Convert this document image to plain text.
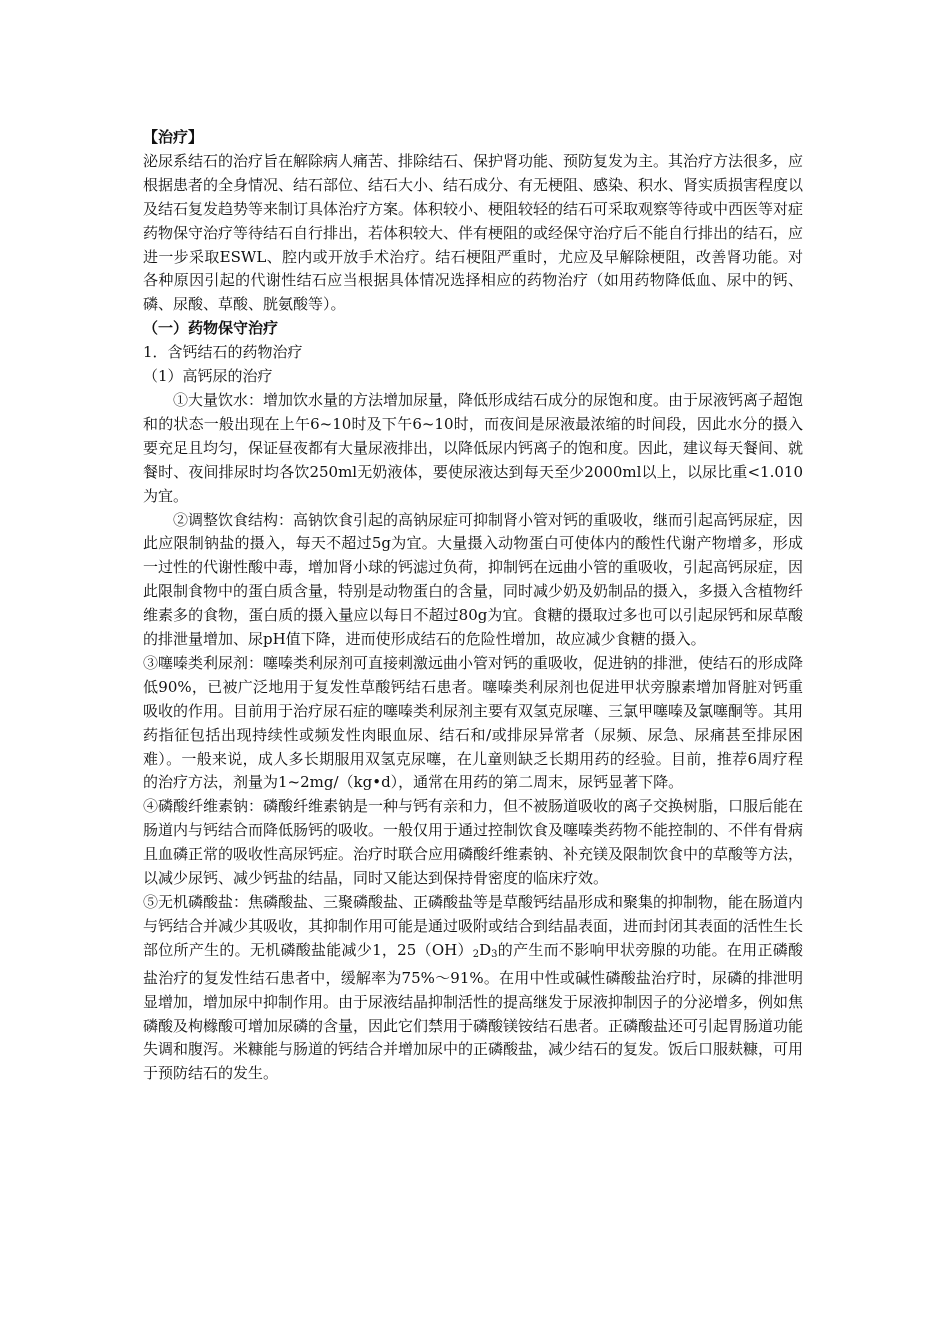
【治疗】

泌尿系结石的治疗旨在解除病人痛苦、排除结石、保护肾功能、预防复发为主。其治疗方法很多，应根据患者的全身情况、结石部位、结石大小、结石成分、有无梗阻、感染、积水、肾实质损害程度以及结石复发趋势等来制订具体治疗方案。体积较小、梗阻较轻的结石可采取观察等待或中西医等对症药物保守治疗等待结石自行排出，若体积较大、伴有梗阻的或经保守治疗后不能自行排出的结石，应进一步采取ESWL、腔内或开放手术治疗。结石梗阻严重时，尤应及早解除梗阻，改善肾功能。对各种原因引起的代谢性结石应当根据具体情况选择相应的药物治疗（如用药物降低血、尿中的钙、磷、尿酸、草酸、胱氨酸等）。

（一）药物保守治疗

1．含钙结石的药物治疗

（1）高钙尿的治疗

①大量饮水：增加饮水量的方法增加尿量，降低形成结石成分的尿饱和度。由于尿液钙离子超饱和的状态一般出现在上午6~10时及下午6~10时，而夜间是尿液最浓缩的时间段，因此水分的摄入要充足且均匀，保证昼夜都有大量尿液排出，以降低尿内钙离子的饱和度。因此，建议每天餐间、就餐时、夜间排尿时均各饮250ml无奶液体，要使尿液达到每天至少2000ml以上，以尿比重<1.010为宜。

②调整饮食结构：高钠饮食引起的高钠尿症可抑制肾小管对钙的重吸收，继而引起高钙尿症，因此应限制钠盐的摄入，每天不超过5g为宜。大量摄入动物蛋白可使体内的酸性代谢产物增多，形成一过性的代谢性酸中毒，增加肾小球的钙滤过负荷，抑制钙在远曲小管的重吸收，引起高钙尿症，因此限制食物中的蛋白质含量，特别是动物蛋白的含量，同时减少奶及奶制品的摄入，多摄入含植物纤维素多的食物，蛋白质的摄入量应以每日不超过80g为宜。食糖的摄取过多也可以引起尿钙和尿草酸的排泄量增加、尿pH值下降，进而使形成结石的危险性增加，故应减少食糖的摄入。

③噻嗪类利尿剂：噻嗪类利尿剂可直接刺激远曲小管对钙的重吸收，促进钠的排泄，使结石的形成降低90%，已被广泛地用于复发性草酸钙结石患者。噻嗪类利尿剂也促进甲状旁腺素增加肾脏对钙重吸收的作用。目前用于治疗尿石症的噻嗪类利尿剂主要有双氢克尿噻、三氯甲噻嗪及氯噻酮等。其用药指征包括出现持续性或频发性肉眼血尿、结石和/或排尿异常者（尿频、尿急、尿痛甚至排尿困难）。一般来说，成人多长期服用双氢克尿噻，在儿童则缺乏长期用药的经验。目前，推荐6周疗程的治疗方法，剂量为1~2mg/（kg•d），通常在用药的第二周末，尿钙显著下降。

④磷酸纤维素钠：磷酸纤维素钠是一种与钙有亲和力，但不被肠道吸收的离子交换树脂，口服后能在肠道内与钙结合而降低肠钙的吸收。一般仅用于通过控制饮食及噻嗪类药物不能控制的、不伴有骨病且血磷正常的吸收性高尿钙症。治疗时联合应用磷酸纤维素钠、补充镁及限制饮食中的草酸等方法，以减少尿钙、减少钙盐的结晶，同时又能达到保持骨密度的临床疗效。

⑤无机磷酸盐：焦磷酸盐、三聚磷酸盐、正磷酸盐等是草酸钙结晶形成和聚集的抑制物，能在肠道内与钙结合并减少其吸收，其抑制作用可能是通过吸附或结合到结晶表面，进而封闭其表面的活性生长部位所产生的。无机磷酸盐能减少1，$25(OH)_2D_3$的产生而不影响甲状旁腺的功能。在用正磷酸盐治疗的复发性结石患者中，缓解率为75%～91%。在用中性或碱性磷酸盐治疗时，尿磷的排泄明显增加，增加尿中抑制作用。由于尿液结晶抑制活性的提高继发于尿液抑制因子的分泌增多，例如焦磷酸及枸橼酸可增加尿磷的含量，因此它们禁用于磷酸镁铵结石患者。正磷酸盐还可引起胃肠道功能失调和腹泻。米糠能与肠道的钙结合并增加尿中的正磷酸盐，减少结石的复发。饭后口服麸糠，可用于预防结石的发生。
